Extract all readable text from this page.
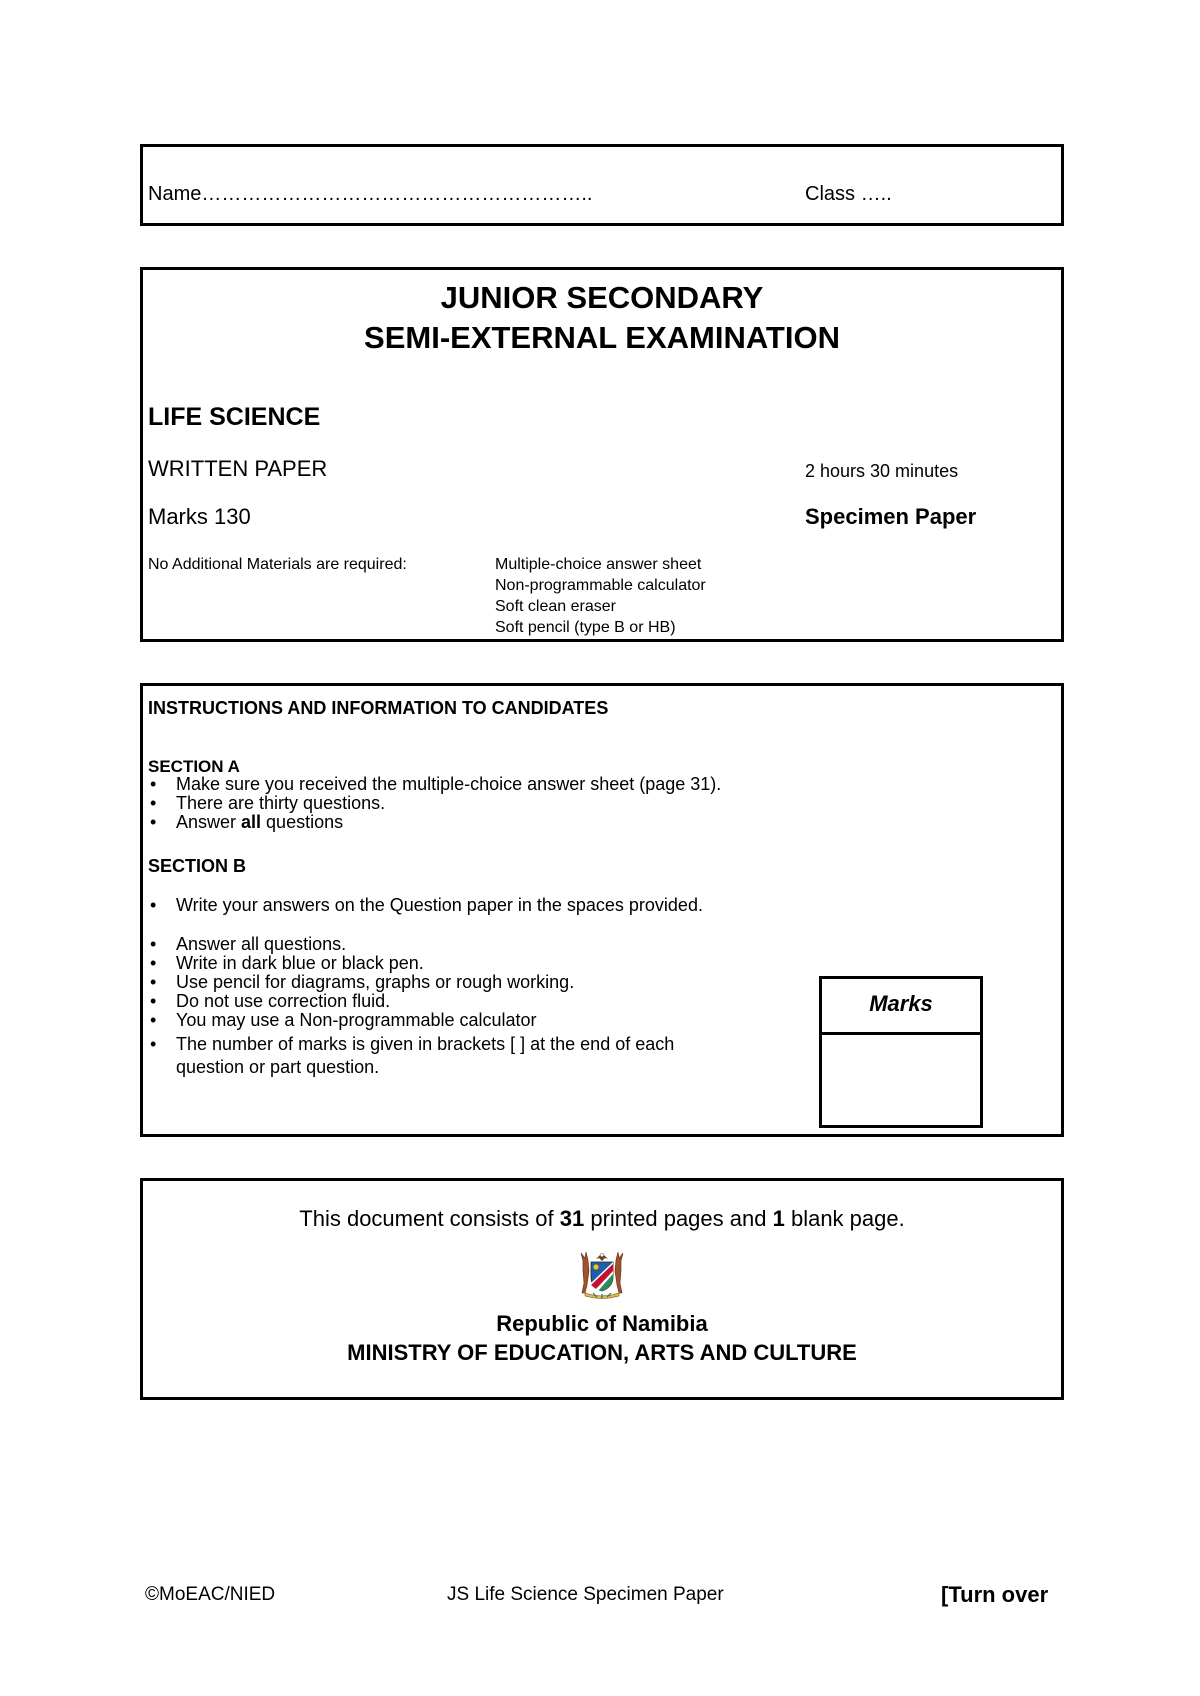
Name…………………………………………………..	Class …..
JUNIOR SECONDARY
SEMI-EXTERNAL EXAMINATION
LIFE SCIENCE
WRITTEN PAPER	2 hours 30 minutes
Marks 130	Specimen Paper
No Additional Materials are required:	Multiple-choice answer sheet
Non-programmable calculator
Soft clean eraser
Soft pencil (type B or HB)
INSTRUCTIONS AND INFORMATION TO CANDIDATES
SECTION A
• Make sure you received the multiple-choice answer sheet (page 31).
• There are thirty questions.
• Answer all questions
SECTION B
• Write your answers on the Question paper in the spaces provided.
• Answer all questions.
• Write in dark blue or black pen.
• Use pencil for diagrams, graphs or rough working.
• Do not use correction fluid.
• You may use a Non-programmable calculator
• The number of marks is given in brackets [ ] at the end of each
question or part question.
Marks
This document consists of 31 printed pages and 1 blank page.
Republic of Namibia
MINISTRY OF EDUCATION, ARTS AND CULTURE
©MoEAC/NIED	JS Life Science Specimen Paper	[Turn over
